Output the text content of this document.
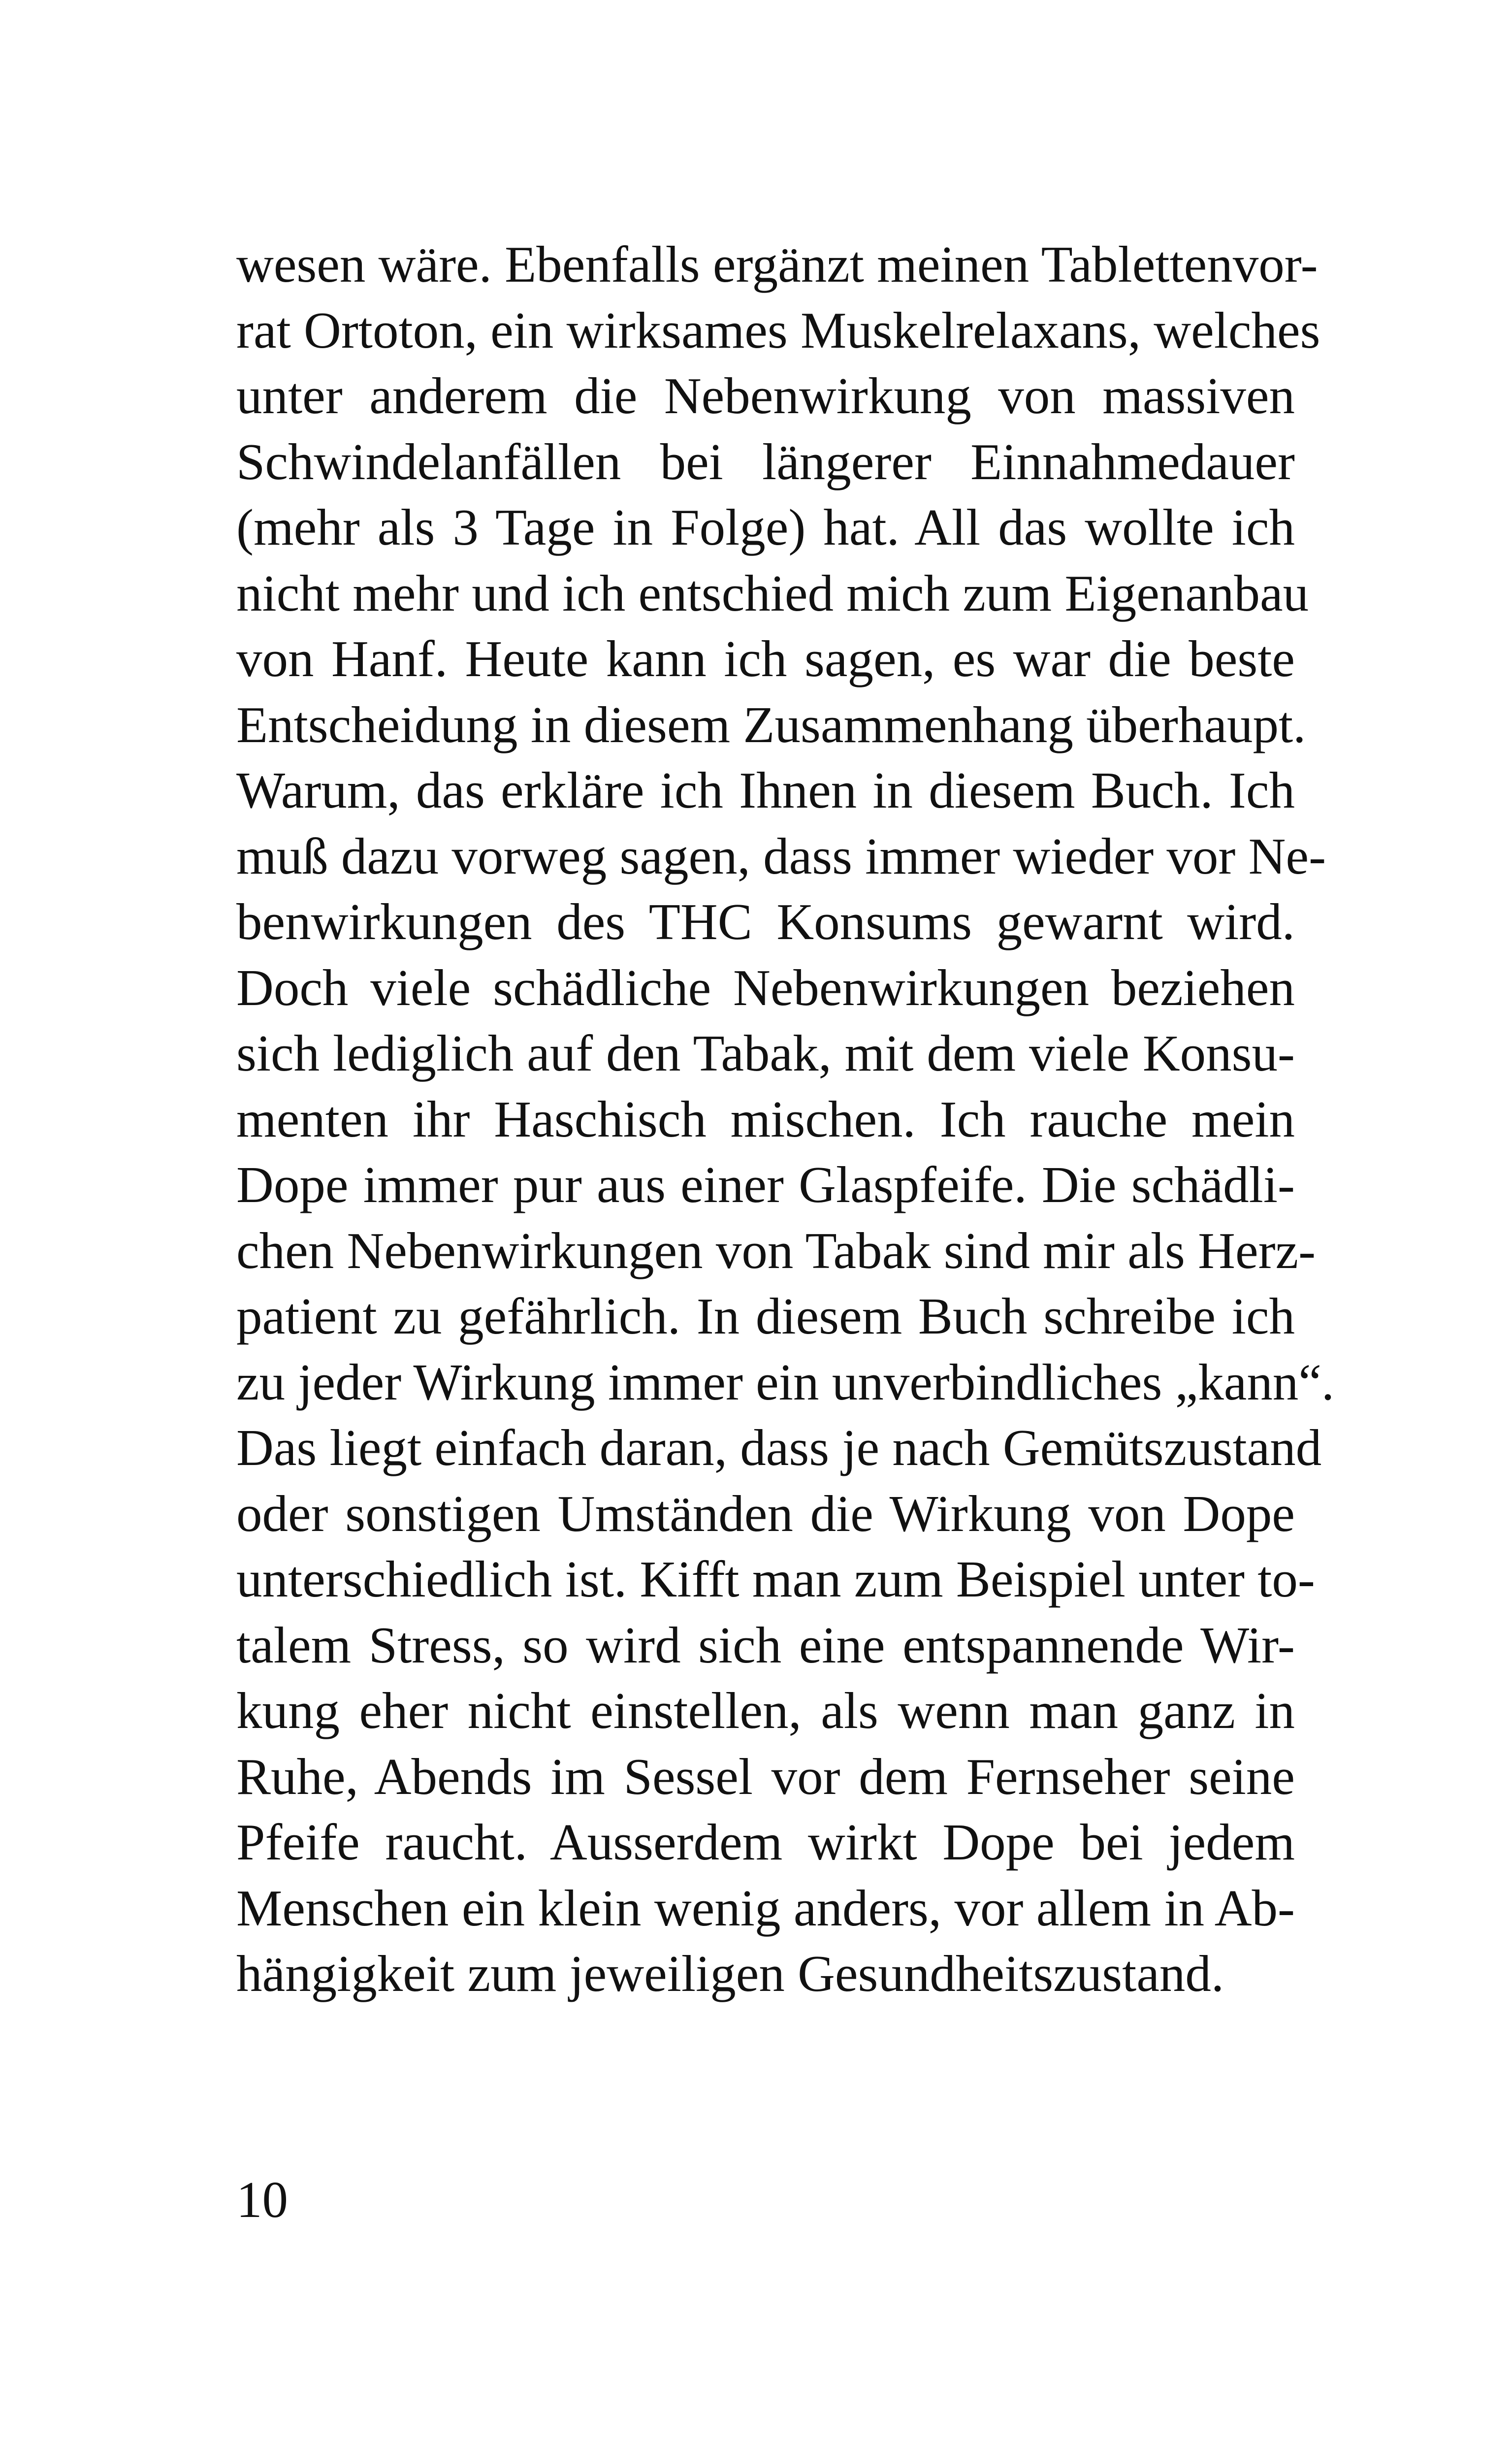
wesen wäre. Ebenfalls ergänzt meinen Tablettenvor-
rat Ortoton, ein wirksames Muskelrelaxans, welches
unter anderem die Nebenwirkung von massiven
Schwindelanfällen bei längerer Einnahmedauer
(mehr als 3 Tage in Folge) hat. All das wollte ich
nicht mehr und ich entschied mich zum Eigenanbau
von Hanf. Heute kann ich sagen, es war die beste
Entscheidung in diesem Zusammenhang überhaupt.
Warum, das erkläre ich Ihnen in diesem Buch. Ich
muß dazu vorweg sagen, dass immer wieder vor Ne-
benwirkungen des THC Konsums gewarnt wird.
Doch viele schädliche Nebenwirkungen beziehen
sich lediglich auf den Tabak, mit dem viele Konsu-
menten ihr Haschisch mischen. Ich rauche mein
Dope immer pur aus einer Glaspfeife. Die schädli-
chen Nebenwirkungen von Tabak sind mir als Herz-
patient zu gefährlich. In diesem Buch schreibe ich
zu jeder Wirkung immer ein unverbindliches „kann“.
Das liegt einfach daran, dass je nach Gemütszustand
oder sonstigen Umständen die Wirkung von Dope
unterschiedlich ist. Kifft man zum Beispiel unter to-
talem Stress, so wird sich eine entspannende Wir-
kung eher nicht einstellen, als wenn man ganz in
Ruhe, Abends im Sessel vor dem Fernseher seine
Pfeife raucht. Ausserdem wirkt Dope bei jedem
Menschen ein klein wenig anders, vor allem in Ab-
hängigkeit zum jeweiligen Gesundheitszustand.
10
